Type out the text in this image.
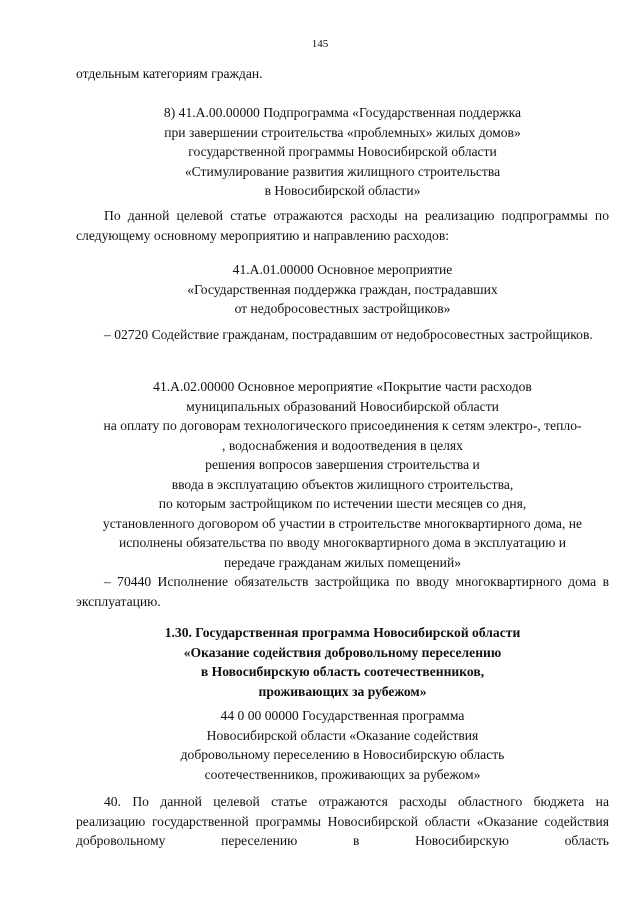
145
отдельным категориям граждан.
8) 41.А.00.00000 Подпрограмма «Государственная поддержка
при завершении строительства «проблемных» жилых домов»
государственной программы Новосибирской области
«Стимулирование развития жилищного строительства
в Новосибирской области»
По данной целевой статье отражаются расходы на реализацию подпрограммы по следующему основному мероприятию и направлению расходов:
41.А.01.00000 Основное мероприятие
«Государственная поддержка граждан, пострадавших
от недобросовестных застройщиков»
– 02720 Содействие гражданам, пострадавшим от недобросовестных застройщиков.
41.А.02.00000 Основное мероприятие «Покрытие части расходов
муниципальных образований Новосибирской области
на оплату по договорам технологического присоединения к сетям электро-, тепло-
, водоснабжения и водоотведения в целях
решения вопросов завершения строительства и
ввода в эксплуатацию объектов жилищного строительства,
по которым застройщиком по истечении шести месяцев со дня,
установленного договором об участии в строительстве многоквартирного дома, не
исполнены обязательства по вводу многоквартирного дома в эксплуатацию и
передаче гражданам жилых помещений»
– 70440 Исполнение обязательств застройщика по вводу многоквартирного дома в эксплуатацию.
1.30. Государственная программа Новосибирской области
«Оказание содействия добровольному переселению
в Новосибирскую область соотечественников,
проживающих за рубежом»
44 0 00 00000 Государственная программа
Новосибирской области «Оказание содействия
добровольному переселению в Новосибирскую область
соотечественников, проживающих за рубежом»
40. По данной целевой статье отражаются расходы областного бюджета на реализацию государственной программы Новосибирской области «Оказание содействия добровольному переселению в Новосибирскую область
